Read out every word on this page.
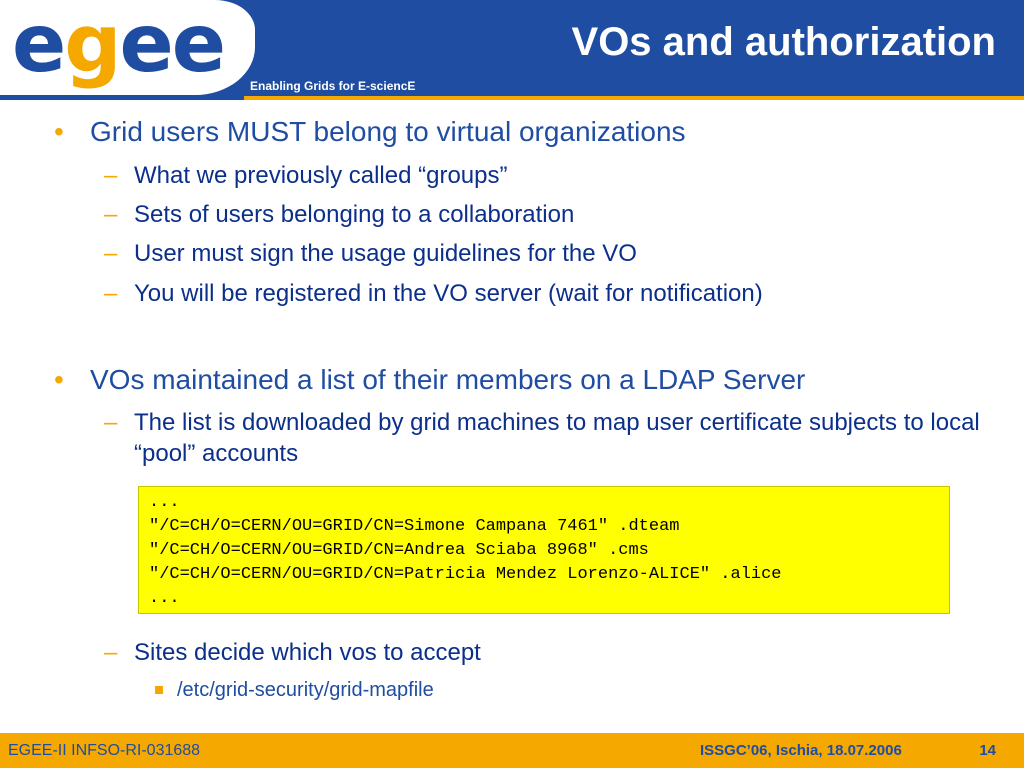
egee Enabling Grids for E-sciencE
VOs and authorization
• Grid users MUST belong to virtual organizations
– What we previously called “groups”
– Sets of users belonging to a collaboration
– User must sign the usage guidelines for the VO
– You will be registered in the VO server (wait for notification)
• VOs maintained a list of their members on a LDAP Server
– The list is downloaded by grid machines to map user certificate subjects to local “pool” accounts
...
"/C=CH/O=CERN/OU=GRID/CN=Simone Campana 7461" .dteam
"/C=CH/O=CERN/OU=GRID/CN=Andrea Sciaba 8968" .cms
"/C=CH/O=CERN/OU=GRID/CN=Patricia Mendez Lorenzo-ALICE" .alice
...
– Sites decide which vos to accept
/etc/grid-security/grid-mapfile
EGEE-II INFSO-RI-031688	ISSGC’06, Ischia, 18.07.2006	14
